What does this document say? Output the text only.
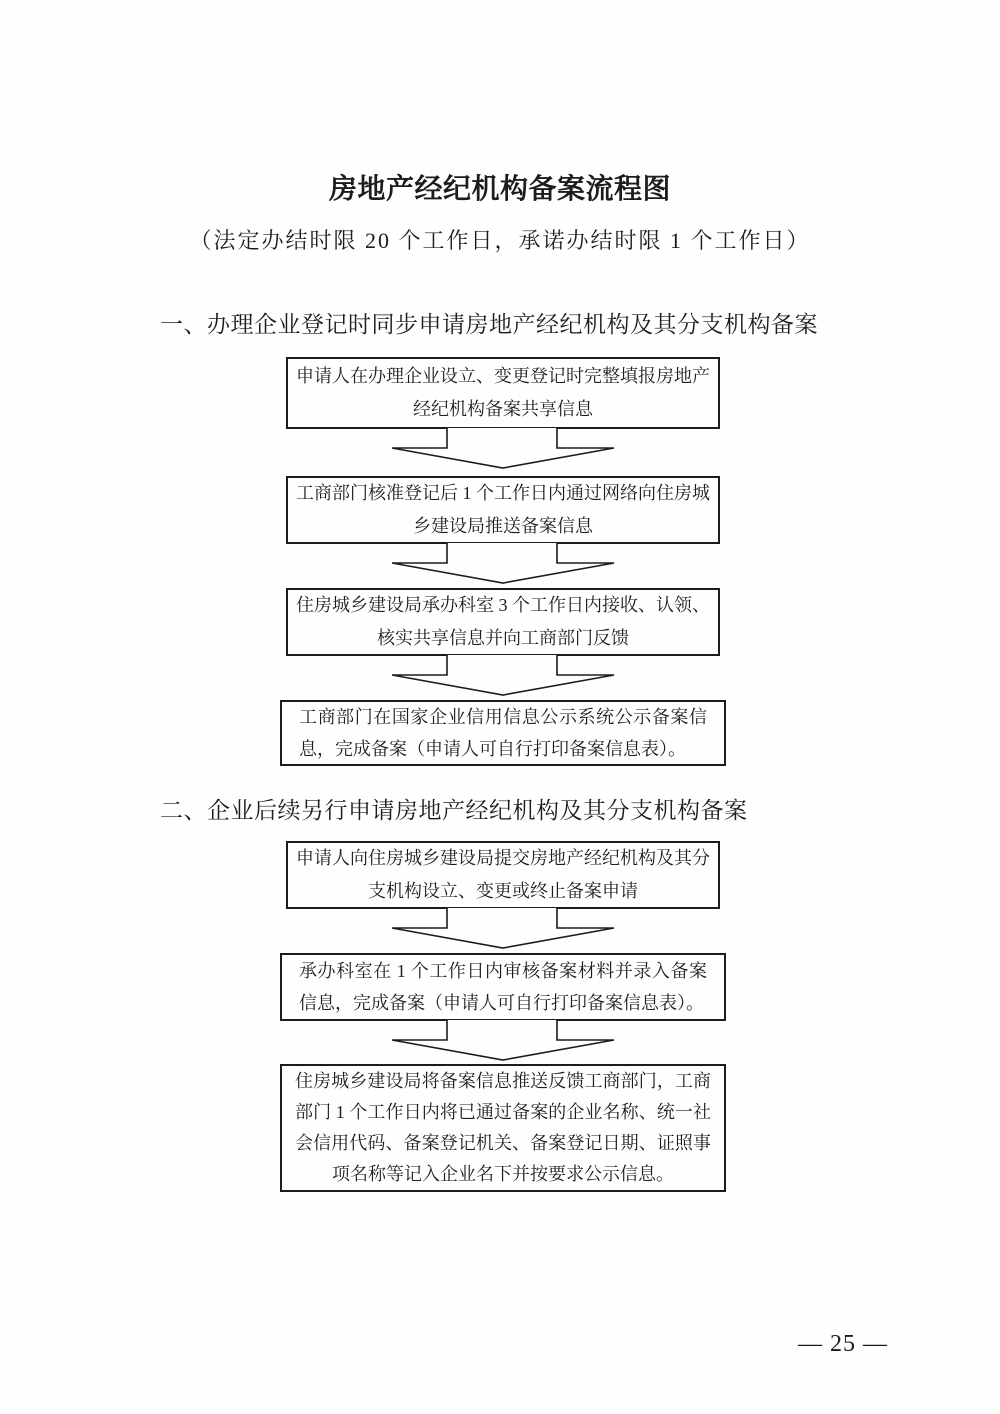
房地产经纪机构备案流程图
（法定办结时限 20 个工作日，承诺办结时限 1 个工作日）
一、办理企业登记时同步申请房地产经纪机构及其分支机构备案
申请人在办理企业设立、变更登记时完整填报房地产经纪机构备案共享信息
工商部门核准登记后 1 个工作日内通过网络向住房城乡建设局推送备案信息
住房城乡建设局承办科室 3 个工作日内接收、认领、核实共享信息并向工商部门反馈
工商部门在国家企业信用信息公示系统公示备案信息，完成备案（申请人可自行打印备案信息表）。
二、企业后续另行申请房地产经纪机构及其分支机构备案
申请人向住房城乡建设局提交房地产经纪机构及其分支机构设立、变更或终止备案申请
承办科室在 1 个工作日内审核备案材料并录入备案信息，完成备案（申请人可自行打印备案信息表）。
住房城乡建设局将备案信息推送反馈工商部门，工商部门 1 个工作日内将已通过备案的企业名称、统一社会信用代码、备案登记机关、备案登记日期、证照事项名称等记入企业名下并按要求公示信息。
— 25 —
